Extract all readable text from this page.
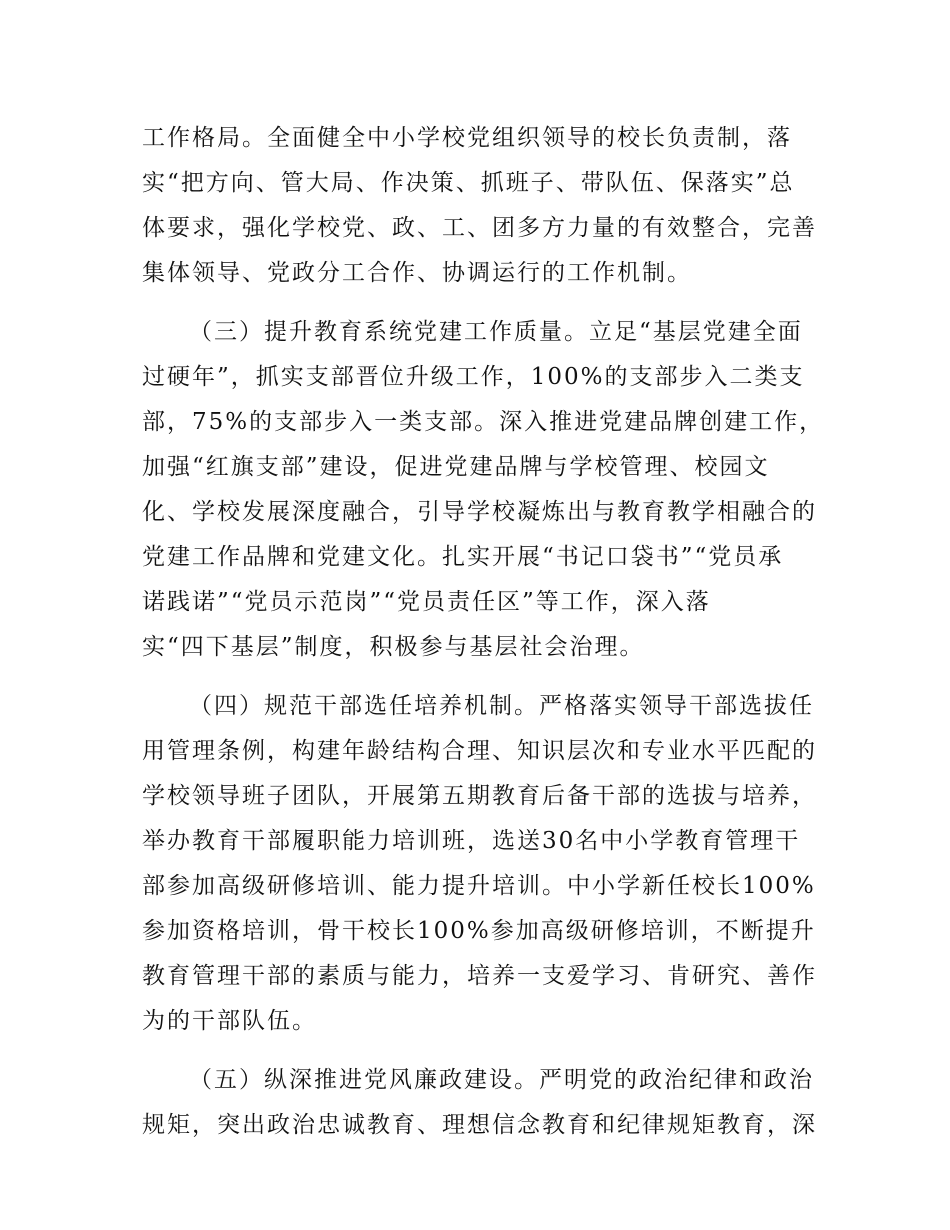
工作格局。全面健全中小学校党组织领导的校长负责制，落
实“把方向、管大局、作决策、抓班子、带队伍、保落实”总
体要求，强化学校党、政、工、团多方力量的有效整合，完善
集体领导、党政分工合作、协调运行的工作机制。

（三）提升教育系统党建工作质量。立足“基层党建全面
过硬年”，抓实支部晋位升级工作，100%的支部步入二类支
部，75%的支部步入一类支部。深入推进党建品牌创建工作，
加强“红旗支部”建设，促进党建品牌与学校管理、校园文
化、学校发展深度融合，引导学校凝炼出与教育教学相融合的
党建工作品牌和党建文化。扎实开展“书记口袋书”“党员承
诺践诺”“党员示范岗”“党员责任区”等工作，深入落
实“四下基层”制度，积极参与基层社会治理。

（四）规范干部选任培养机制。严格落实领导干部选拔任
用管理条例，构建年龄结构合理、知识层次和专业水平匹配的
学校领导班子团队，开展第五期教育后备干部的选拔与培养，
举办教育干部履职能力培训班，选送30名中小学教育管理干
部参加高级研修培训、能力提升培训。中小学新任校长100%
参加资格培训，骨干校长100%参加高级研修培训，不断提升
教育管理干部的素质与能力，培养一支爱学习、肯研究、善作
为的干部队伍。

（五）纵深推进党风廉政建设。严明党的政治纪律和政治
规矩，突出政治忠诚教育、理想信念教育和纪律规矩教育，深
